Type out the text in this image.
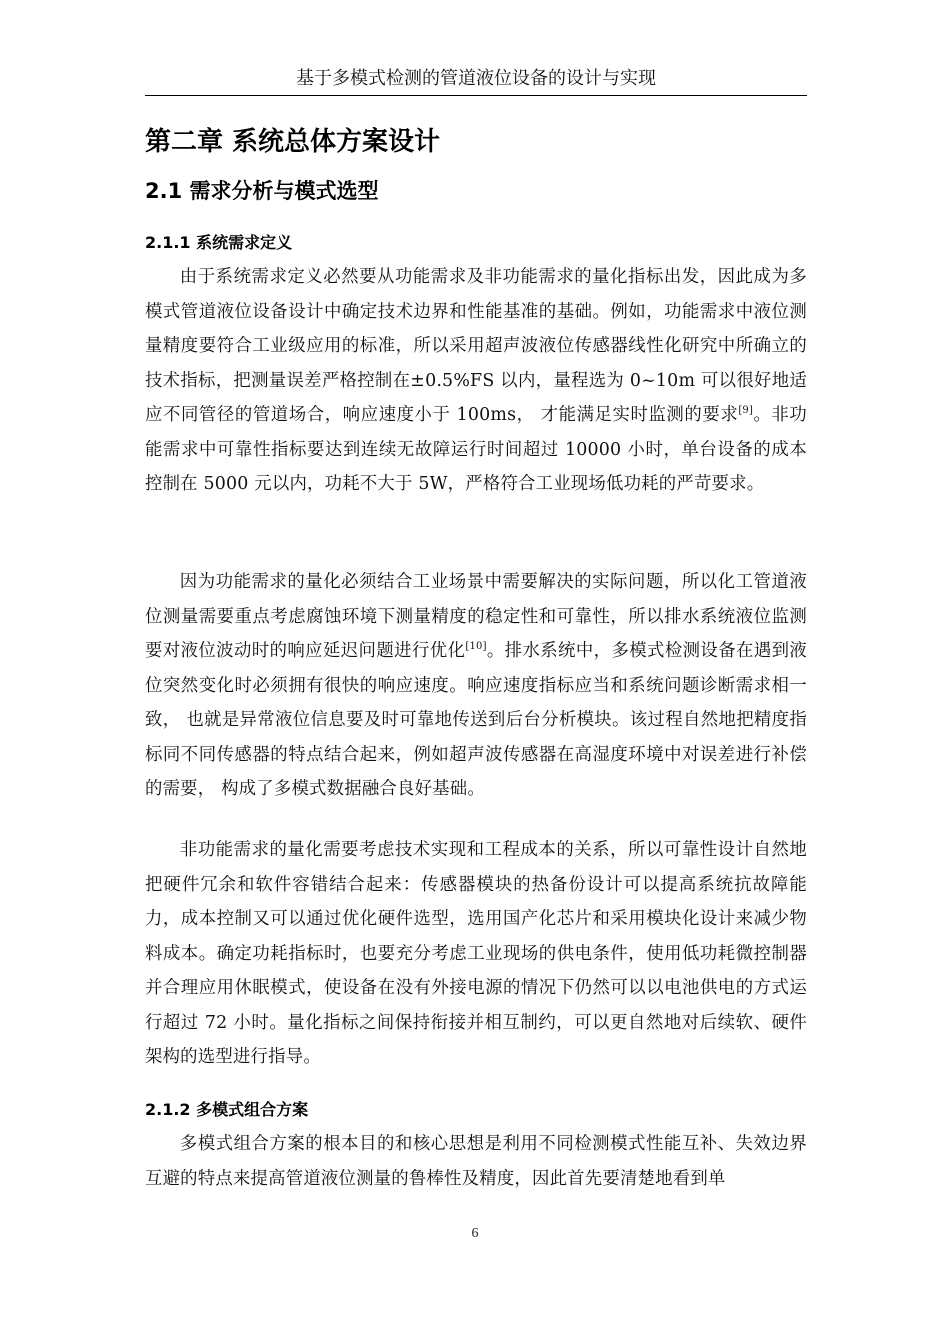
基于多模式检测的管道液位设备的设计与实现
第二章 系统总体方案设计
2.1 需求分析与模式选型
2.1.1 系统需求定义
由于系统需求定义必然要从功能需求及非功能需求的量化指标出发，因此成为多模式管道液位设备设计中确定技术边界和性能基准的基础。例如，功能需求中液位测量精度要符合工业级应用的标准，所以采用超声波液位传感器线性化研究中所确立的技术指标，把测量误差严格控制在±0.5%FS 以内，量程选为 0~10m 可以很好地适应不同管径的管道场合，响应速度小于 100ms， 才能满足实时监测的要求[9]。非功能需求中可靠性指标要达到连续无故障运行时间超过 10000 小时，单台设备的成本控制在 5000 元以内，功耗不大于 5W，严格符合工业现场低功耗的严苛要求。
因为功能需求的量化必须结合工业场景中需要解决的实际问题，所以化工管道液位测量需要重点考虑腐蚀环境下测量精度的稳定性和可靠性，所以排水系统液位监测要对液位波动时的响应延迟问题进行优化[10]。排水系统中，多模式检测设备在遇到液位突然变化时必须拥有很快的响应速度。响应速度指标应当和系统问题诊断需求相一致， 也就是异常液位信息要及时可靠地传送到后台分析模块。该过程自然地把精度指标同不同传感器的特点结合起来，例如超声波传感器在高湿度环境中对误差进行补偿的需要， 构成了多模式数据融合良好基础。
非功能需求的量化需要考虑技术实现和工程成本的关系，所以可靠性设计自然地把硬件冗余和软件容错结合起来：传感器模块的热备份设计可以提高系统抗故障能力，成本控制又可以通过优化硬件选型，选用国产化芯片和采用模块化设计来减少物料成本。确定功耗指标时，也要充分考虑工业现场的供电条件，使用低功耗微控制器并合理应用休眠模式，使设备在没有外接电源的情况下仍然可以以电池供电的方式运行超过 72 小时。量化指标之间保持衔接并相互制约，可以更自然地对后续软、硬件架构的选型进行指导。
2.1.2 多模式组合方案
多模式组合方案的根本目的和核心思想是利用不同检测模式性能互补、失效边界互避的特点来提高管道液位测量的鲁棒性及精度，因此首先要清楚地看到单
6
